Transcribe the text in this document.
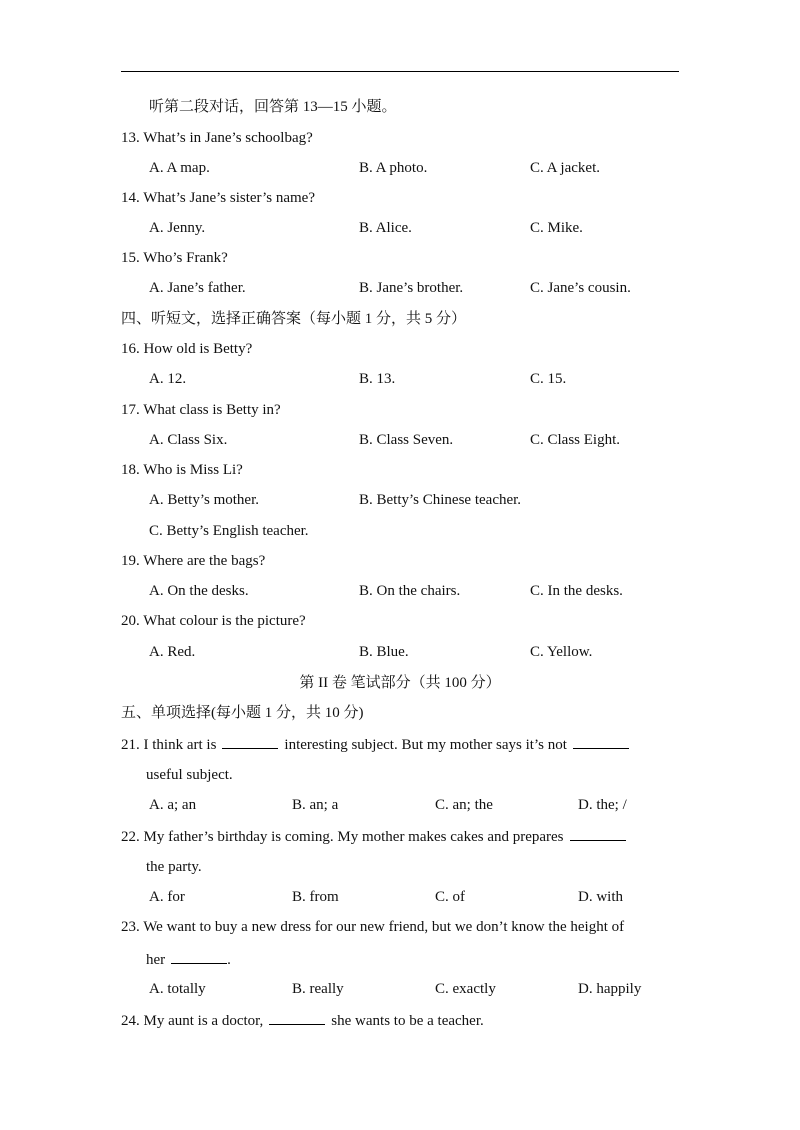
听第二段对话，回答第 13—15 小题。
13. What’s in Jane’s schoolbag?
A. A map.	B. A photo.	C. A jacket.
14. What’s Jane’s sister’s name?
A. Jenny.	B. Alice.	C. Mike.
15. Who’s Frank?
A. Jane’s father.	B. Jane’s brother.	C. Jane’s cousin.
四、听短文，选择正确答案（每小题 1 分，共 5 分）
16. How old is Betty?
A. 12.	B. 13.	C. 15.
17. What class is Betty in?
A. Class Six.	B. Class Seven.	C. Class Eight.
18. Who is Miss Li?
A. Betty’s mother.	B. Betty’s Chinese teacher.
C. Betty’s English teacher.
19. Where are the bags?
A. On the desks.	B. On the chairs.	C. In the desks.
20. What colour is the picture?
A. Red.	B. Blue.	C. Yellow.
第 II 卷 笔试部分（共 100 分）
五、单项选择(每小题 1 分，共 10 分)
21. I think art is	interesting subject. But my mother says it’s not
useful subject.
A. a; an	B. an; a	C. an; the	D. the; /
22. My father’s birthday is coming. My mother makes cakes and prepares
the party.
A. for	B. from	C. of	D. with
23. We want to buy a new dress for our new friend, but we don’t know the height of
her	.
A. totally	B. really	C. exactly	D. happily
24. My aunt is a doctor,	she wants to be a teacher.
